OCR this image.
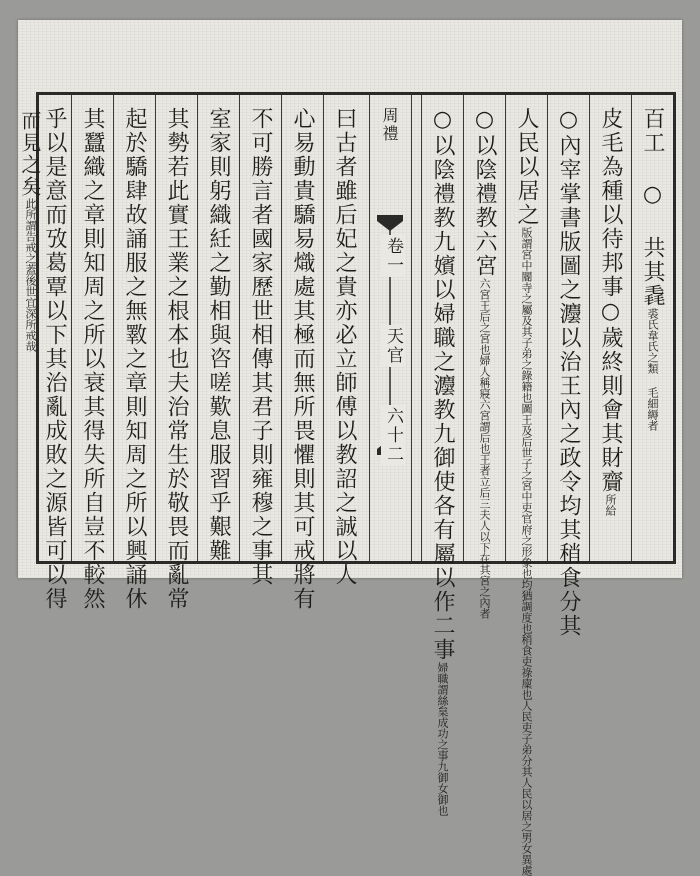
百工 ○ 共其毳裘氏韋氏之類 毛細縟者
皮毛為種以待邦事○歲終則會其財齎所給
○內宰掌書版圖之灋以治王內之政令均其稍食分其
人民以居之版謂宮中閽寺之屬及其子弟之錄籍也圖王及后世子之宮中吏官府之形象也均猶調度也稍食吏祿廩也人民吏子弟分其人民以居之男女異處
○以陰禮教六宮六宮王后之宮也婦人稱寢六宮謂后也王者立后三夫人以下在其宮之內者
○以陰禮教九嬪以婦職之灋教九御使各有屬以作二事婦職謂絲枲成功之事九御女御也
周禮
卷一
天官
六十二
曰古者雖后妃之貴亦必立師傅以教詔之誠以人
心易動貴驕易熾處其極而無所畏懼則其可戒將有
不可勝言者國家歷世相傳其君子則雍穆之事其
室家則躬織紝之勤相與咨嗟歎息服習乎艱難
其勢若此實王業之根本也夫治常生於敬畏而亂常
起於驕肆故誦服之無斁之章則知周之所以興誦休
其蠶織之章則知周之所以衰其得失所自豈不較然
乎以是意而攷葛覃以下其治亂成敗之源皆可以得
而見之矣此所謂告戒之蓋後世宜深所戒哉
